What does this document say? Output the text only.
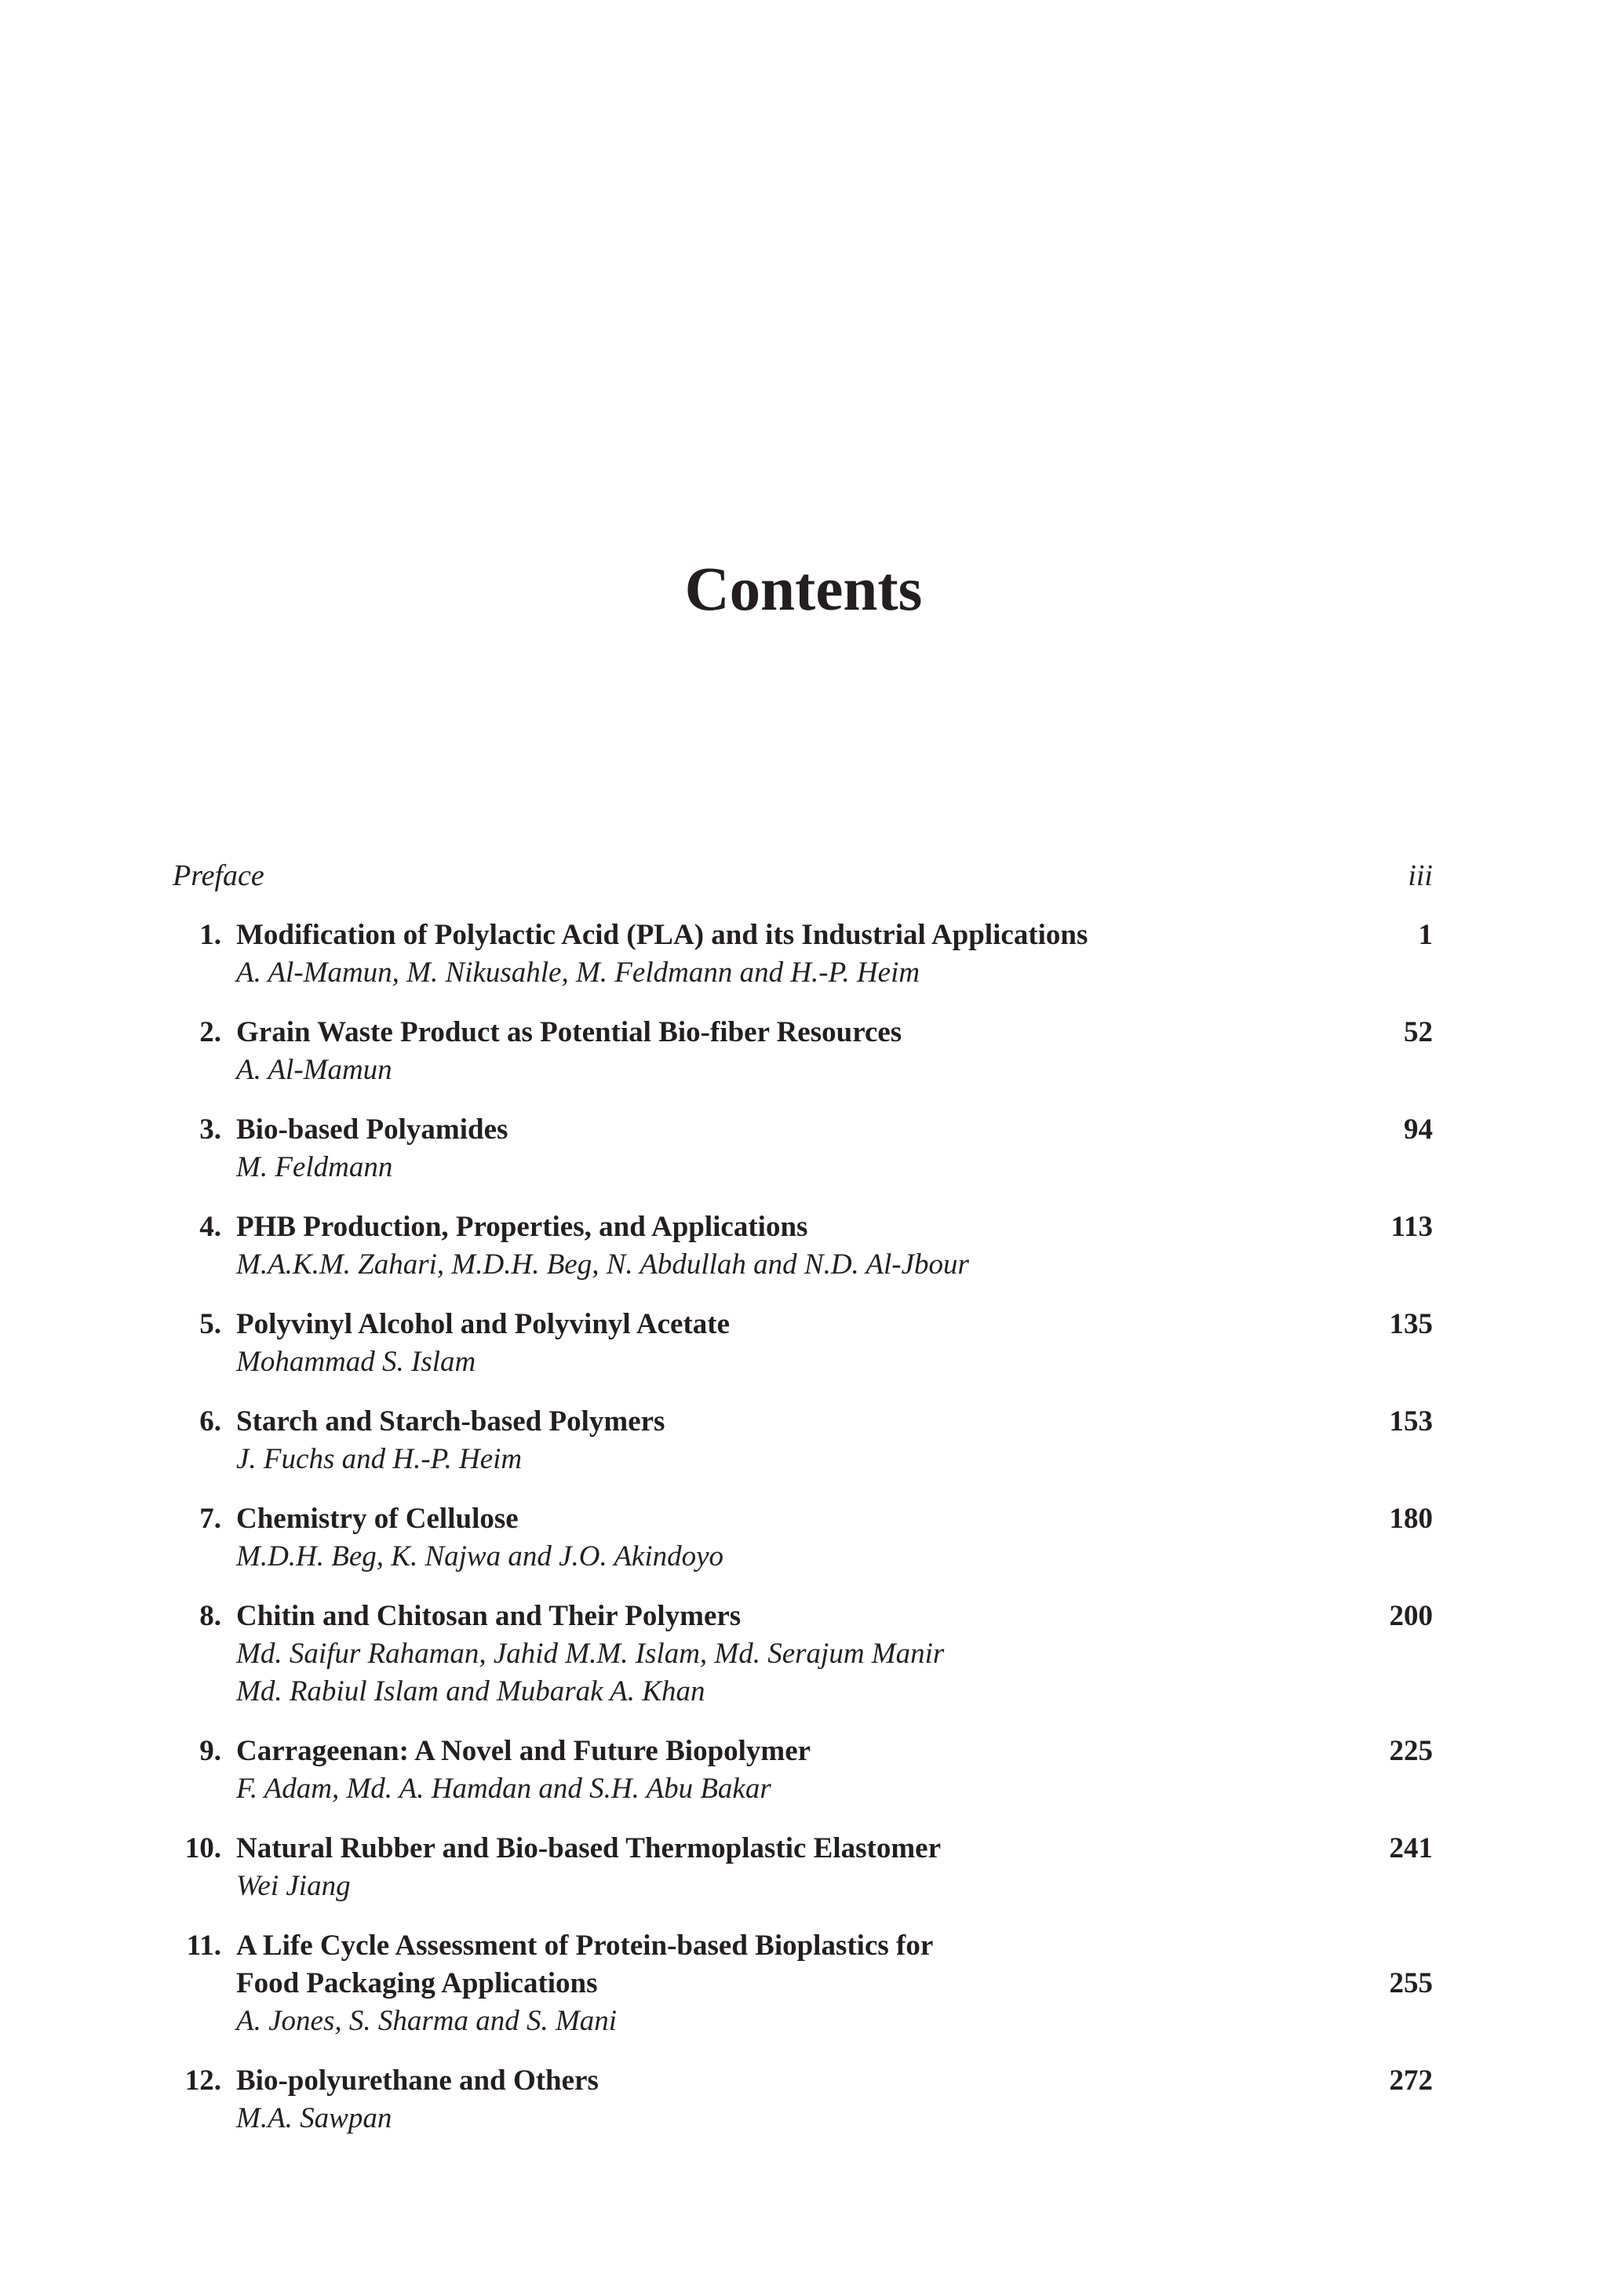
Contents
Preface	iii
1. Modification of Polylactic Acid (PLA) and its Industrial Applications
A. Al-Mamun, M. Nikusahle, M. Feldmann and H.-P. Heim
1
2. Grain Waste Product as Potential Bio-fiber Resources
A. Al-Mamun
52
3. Bio-based Polyamides
M. Feldmann
94
4. PHB Production, Properties, and Applications
M.A.K.M. Zahari, M.D.H. Beg, N. Abdullah and N.D. Al-Jbour
113
5. Polyvinyl Alcohol and Polyvinyl Acetate
Mohammad S. Islam
135
6. Starch and Starch-based Polymers
J. Fuchs and H.-P. Heim
153
7. Chemistry of Cellulose
M.D.H. Beg, K. Najwa and J.O. Akindoyo
180
8. Chitin and Chitosan and Their Polymers
Md. Saifur Rahaman, Jahid M.M. Islam, Md. Serajum Manir
Md. Rabiul Islam and Mubarak A. Khan
200
9. Carrageenan: A Novel and Future Biopolymer
F. Adam, Md. A. Hamdan and S.H. Abu Bakar
225
10. Natural Rubber and Bio-based Thermoplastic Elastomer
Wei Jiang
241
11. A Life Cycle Assessment of Protein-based Bioplastics for
Food Packaging Applications
A. Jones, S. Sharma and S. Mani
255
12. Bio-polyurethane and Others
M.A. Sawpan
272
